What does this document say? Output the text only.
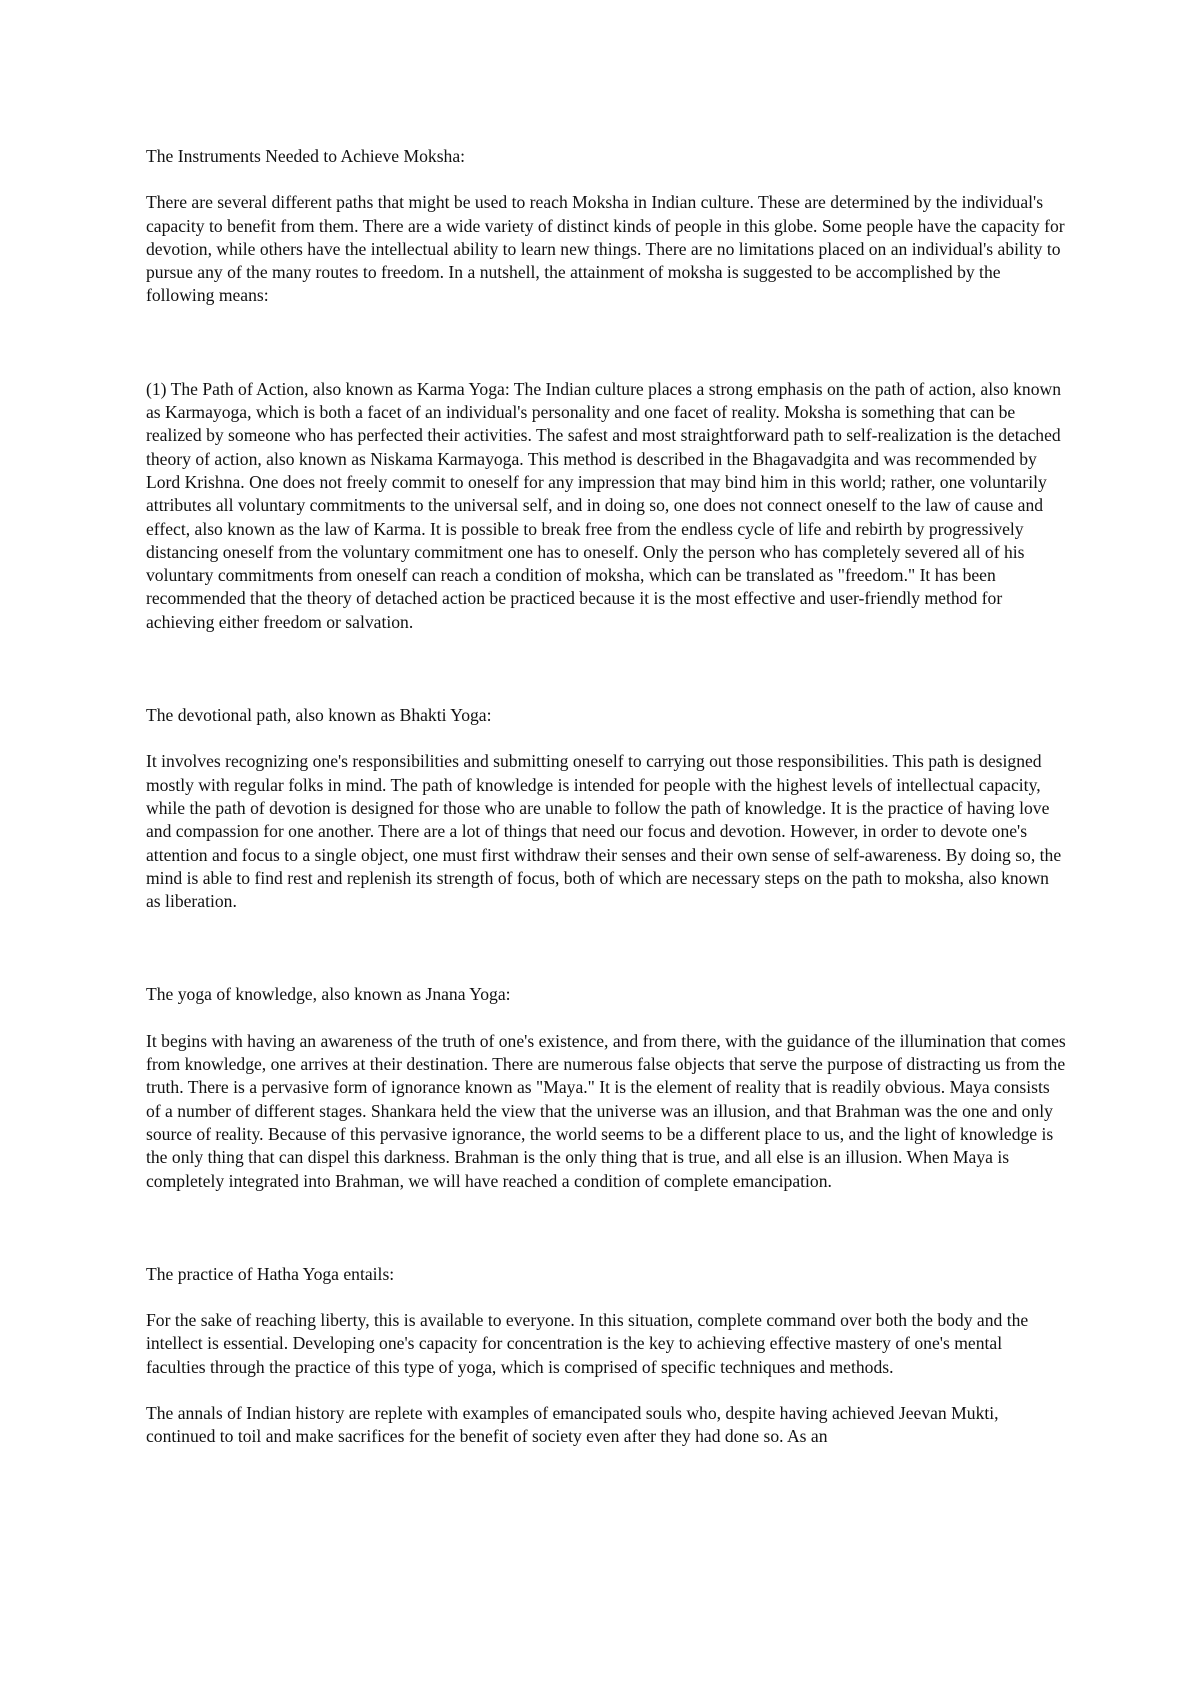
The Instruments Needed to Achieve Moksha:

There are several different paths that might be used to reach Moksha in Indian culture. These are determined by the individual's capacity to benefit from them. There are a wide variety of distinct kinds of people in this globe. Some people have the capacity for devotion, while others have the intellectual ability to learn new things. There are no limitations placed on an individual's ability to pursue any of the many routes to freedom. In a nutshell, the attainment of moksha is suggested to be accomplished by the following means:

(1) The Path of Action, also known as Karma Yoga: The Indian culture places a strong emphasis on the path of action, also known as Karmayoga, which is both a facet of an individual's personality and one facet of reality. Moksha is something that can be realized by someone who has perfected their activities. The safest and most straightforward path to self-realization is the detached theory of action, also known as Niskama Karmayoga. This method is described in the Bhagavadgita and was recommended by Lord Krishna. One does not freely commit to oneself for any impression that may bind him in this world; rather, one voluntarily attributes all voluntary commitments to the universal self, and in doing so, one does not connect oneself to the law of cause and effect, also known as the law of Karma. It is possible to break free from the endless cycle of life and rebirth by progressively distancing oneself from the voluntary commitment one has to oneself. Only the person who has completely severed all of his voluntary commitments from oneself can reach a condition of moksha, which can be translated as "freedom." It has been recommended that the theory of detached action be practiced because it is the most effective and user-friendly method for achieving either freedom or salvation.

The devotional path, also known as Bhakti Yoga:

It involves recognizing one's responsibilities and submitting oneself to carrying out those responsibilities. This path is designed mostly with regular folks in mind. The path of knowledge is intended for people with the highest levels of intellectual capacity, while the path of devotion is designed for those who are unable to follow the path of knowledge. It is the practice of having love and compassion for one another. There are a lot of things that need our focus and devotion. However, in order to devote one's attention and focus to a single object, one must first withdraw their senses and their own sense of self-awareness. By doing so, the mind is able to find rest and replenish its strength of focus, both of which are necessary steps on the path to moksha, also known as liberation.

The yoga of knowledge, also known as Jnana Yoga:

It begins with having an awareness of the truth of one's existence, and from there, with the guidance of the illumination that comes from knowledge, one arrives at their destination. There are numerous false objects that serve the purpose of distracting us from the truth. There is a pervasive form of ignorance known as "Maya." It is the element of reality that is readily obvious. Maya consists of a number of different stages. Shankara held the view that the universe was an illusion, and that Brahman was the one and only source of reality. Because of this pervasive ignorance, the world seems to be a different place to us, and the light of knowledge is the only thing that can dispel this darkness. Brahman is the only thing that is true, and all else is an illusion. When Maya is completely integrated into Brahman, we will have reached a condition of complete emancipation.

The practice of Hatha Yoga entails:

For the sake of reaching liberty, this is available to everyone. In this situation, complete command over both the body and the intellect is essential. Developing one's capacity for concentration is the key to achieving effective mastery of one's mental faculties through the practice of this type of yoga, which is comprised of specific techniques and methods.

The annals of Indian history are replete with examples of emancipated souls who, despite having achieved Jeevan Mukti, continued to toil and make sacrifices for the benefit of society even after they had done so. As an
